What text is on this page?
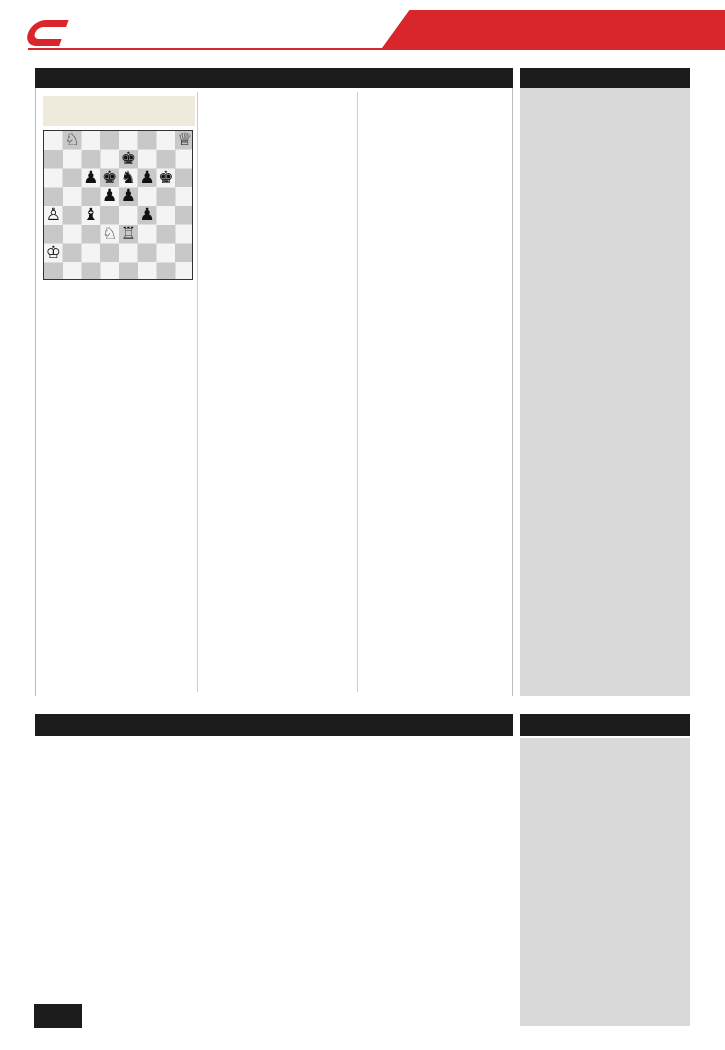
♕
♟ ♚ ♞
♚
♟ ♚
♘
♙
♟ ♟
♟
♝
♘ ♖
♔
